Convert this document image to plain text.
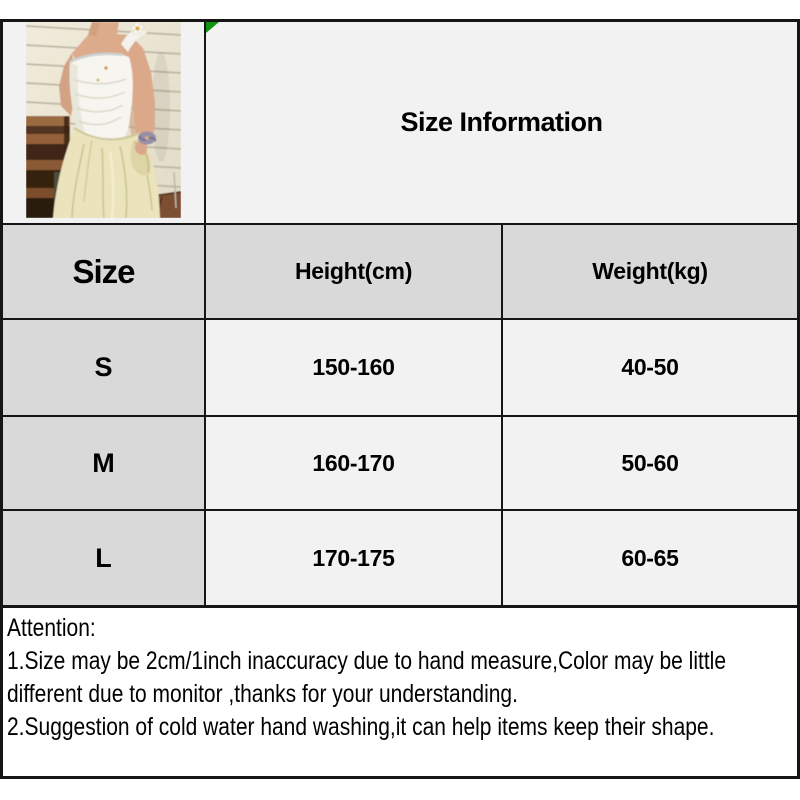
Size Information
Size	Height(cm)	Weight(kg)
S	150-160	40-50
M	160-170	50-60
L	170-175	60-65
Attention:
1.Size may be 2cm/1inch inaccuracy due to hand measure,Color may be little
different due to monitor ,thanks for your understanding.
2.Suggestion of cold water hand washing,it can help items keep their shape.
